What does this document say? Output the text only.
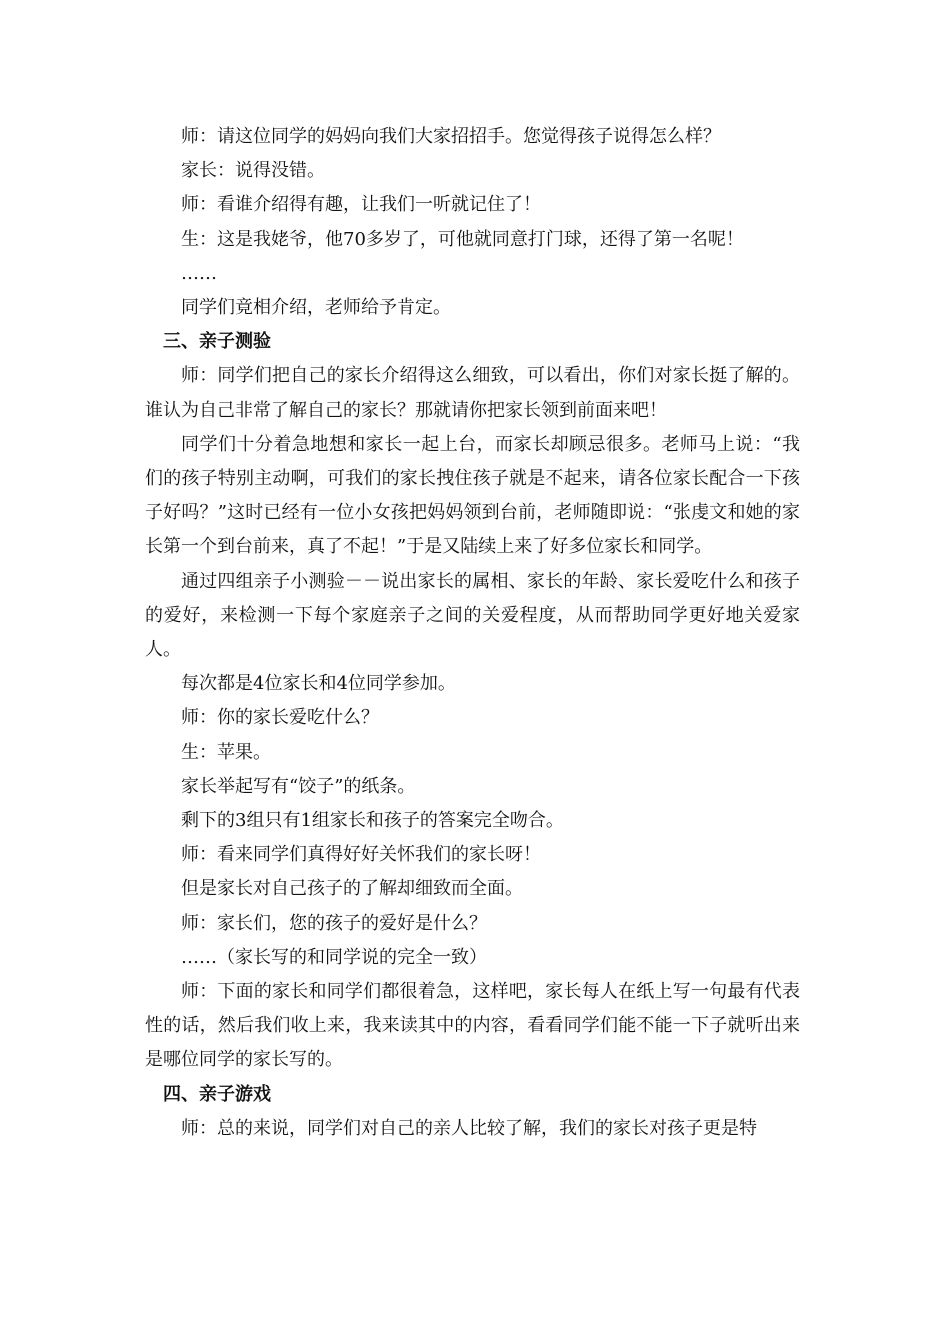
师：请这位同学的妈妈向我们大家招招手。您觉得孩子说得怎么样？

家长：说得没错。

师：看谁介绍得有趣，让我们一听就记住了！

生：这是我姥爷，他70多岁了，可他就同意打门球，还得了第一名呢！

……

同学们竟相介绍，老师给予肯定。

三、亲子测验

师：同学们把自己的家长介绍得这么细致，可以看出，你们对家长挺了解的。谁认为自己非常了解自己的家长？那就请你把家长领到前面来吧！

同学们十分着急地想和家长一起上台，而家长却顾忌很多。老师马上说：“我们的孩子特别主动啊，可我们的家长拽住孩子就是不起来，请各位家长配合一下孩子好吗？”这时已经有一位小女孩把妈妈领到台前，老师随即说：“张虔文和她的家长第一个到台前来，真了不起！”于是又陆续上来了好多位家长和同学。

通过四组亲子小测验－－说出家长的属相、家长的年龄、家长爱吃什么和孩子的爱好，来检测一下每个家庭亲子之间的关爱程度，从而帮助同学更好地关爱家人。

每次都是4位家长和4位同学参加。

师：你的家长爱吃什么？

生：苹果。

家长举起写有“饺子”的纸条。

剩下的3组只有1组家长和孩子的答案完全吻合。

师：看来同学们真得好好关怀我们的家长呀！

但是家长对自己孩子的了解却细致而全面。

师：家长们，您的孩子的爱好是什么？

……（家长写的和同学说的完全一致）

师：下面的家长和同学们都很着急，这样吧，家长每人在纸上写一句最有代表性的话，然后我们收上来，我来读其中的内容，看看同学们能不能一下子就听出来是哪位同学的家长写的。

四、亲子游戏

师：总的来说，同学们对自己的亲人比较了解，我们的家长对孩子更是特
